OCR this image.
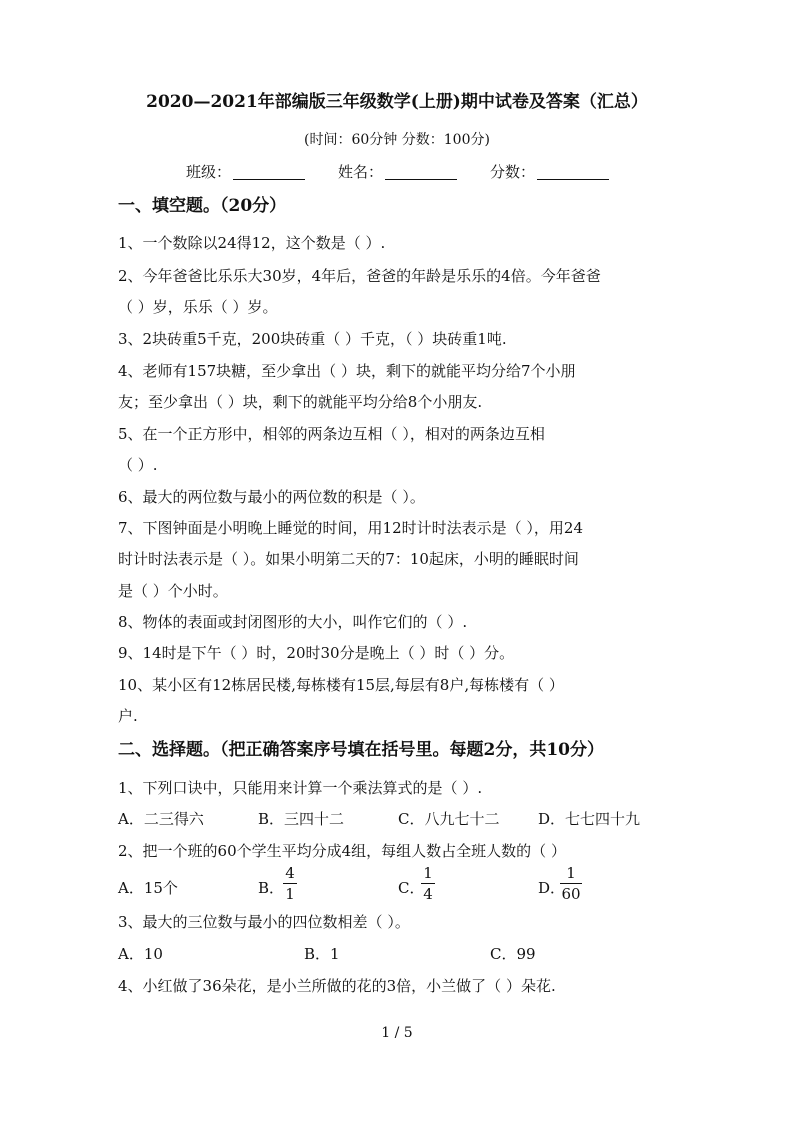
2020—2021年部编版三年级数学(上册)期中试卷及答案（汇总）
(时间：60分钟 分数：100分)
班级：	姓名：	分数：
一、填空题。（20分）
1、一个数除以24得12，这个数是（ ）.
2、今年爸爸比乐乐大30岁，4年后，爸爸的年龄是乐乐的4倍。今年爸爸
（ ）岁，乐乐（ ）岁。
3、2块砖重5千克，200块砖重（ ）千克，（ ）块砖重1吨.
4、老师有157块糖，至少拿出（ ）块，剩下的就能平均分给7个小朋
友；至少拿出（ ）块，剩下的就能平均分给8个小朋友.
5、在一个正方形中，相邻的两条边互相（ ），相对的两条边互相
（ ）.
6、最大的两位数与最小的两位数的积是（ ）。
7、下图钟面是小明晚上睡觉的时间，用12时计时法表示是（ ），用24
时计时法表示是（ ）。如果小明第二天的7：10起床，小明的睡眠时间
是（ ）个小时。
8、物体的表面或封闭图形的大小，叫作它们的（ ）.
9、14时是下午（ ）时，20时30分是晚上（ ）时（ ）分。
10、某小区有12栋居民楼,每栋楼有15层,每层有8户,每栋楼有（ ）
户.
二、选择题。（把正确答案序号填在括号里。每题2分，共10分）
1、下列口诀中，只能用来计算一个乘法算式的是（ ）.
A．二三得六	B．三四十二	C．八九七十二	D．七七四十九
2、把一个班的60个学生平均分成4组，每组人数占全班人数的（ ）
A．15个	B．
4
1	C．
1
4	D．
1
60
3、最大的三位数与最小的四位数相差（ ）。
A．10	B．1	C．99
4、小红做了36朵花，是小兰所做的花的3倍，小兰做了（ ）朵花.
1 / 5
